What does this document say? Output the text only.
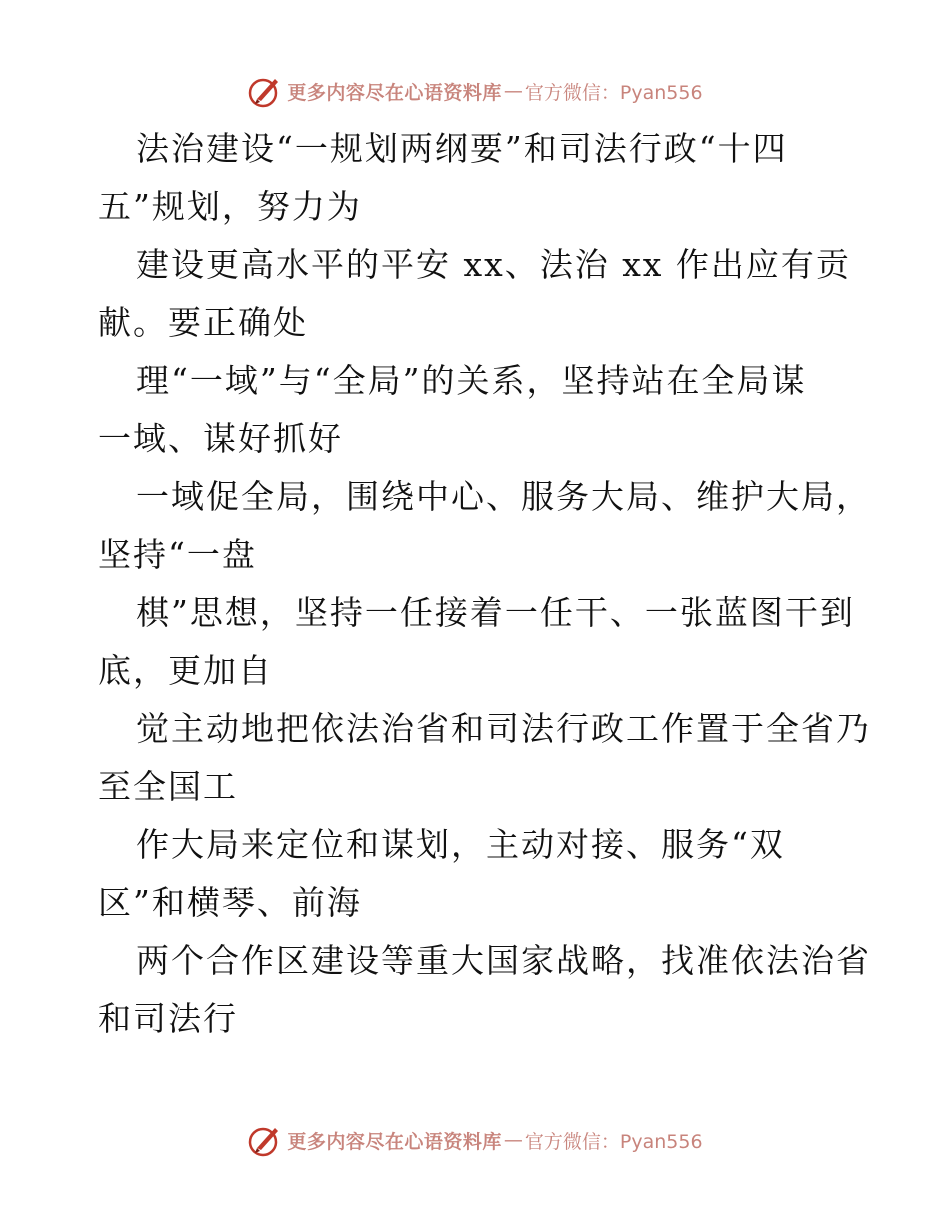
更多内容尽在心语资料库 — 官方微信：Pyan556
法治建设“一规划两纲要”和司法行政“十四
五”规划，努力为
建设更高水平的平安 xx、法治 xx 作出应有贡
献。要正确处
理“一域”与“全局”的关系，坚持站在全局谋
一域、谋好抓好
一域促全局，围绕中心、服务大局、维护大局，
坚持“一盘
棋”思想，坚持一任接着一任干、一张蓝图干到
底，更加自
觉主动地把依法治省和司法行政工作置于全省乃
至全国工
作大局来定位和谋划，主动对接、服务“双
区”和横琴、前海
两个合作区建设等重大国家战略，找准依法治省
和司法行
更多内容尽在心语资料库 — 官方微信：Pyan556
